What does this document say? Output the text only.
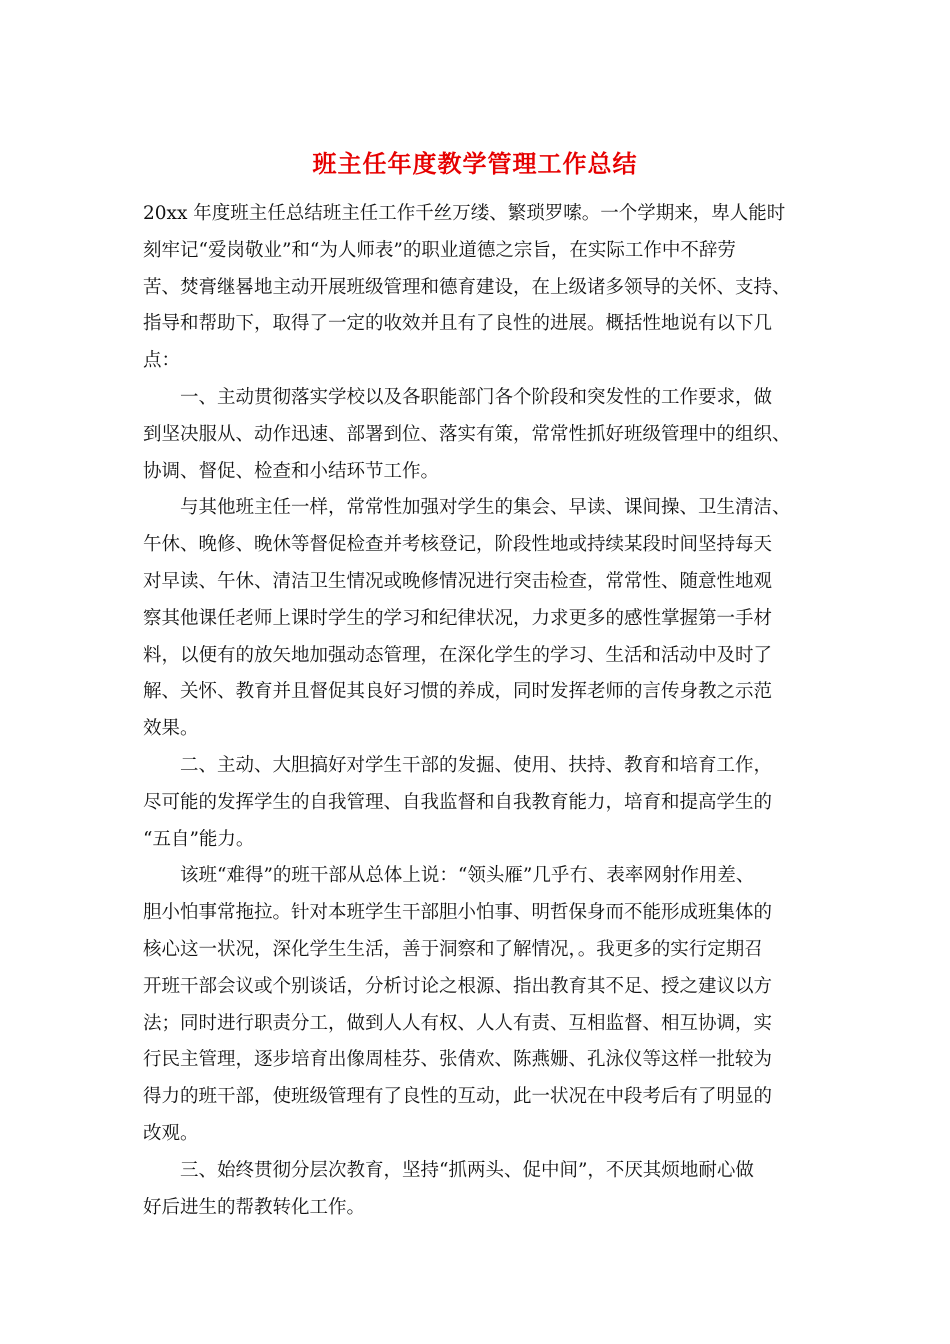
班主任年度教学管理工作总结
20xx 年度班主任总结班主任工作千丝万缕、繁琐罗嗦。一个学期来，卑人能时
刻牢记“爱岗敬业”和“为人师表”的职业道德之宗旨，在实际工作中不辞劳
苦、焚膏继晷地主动开展班级管理和德育建设，在上级诸多领导的关怀、支持、
指导和帮助下，取得了一定的收效并且有了良性的进展。概括性地说有以下几
点：
一、主动贯彻落实学校以及各职能部门各个阶段和突发性的工作要求，做
到坚决服从、动作迅速、部署到位、落实有策，常常性抓好班级管理中的组织、
协调、督促、检查和小结环节工作。
与其他班主任一样，常常性加强对学生的集会、早读、课间操、卫生清洁、
午休、晚修、晚休等督促检查并考核登记，阶段性地或持续某段时间坚持每天
对早读、午休、清洁卫生情况或晚修情况进行突击检查，常常性、随意性地观
察其他课任老师上课时学生的学习和纪律状况，力求更多的感性掌握第一手材
料，以便有的放矢地加强动态管理，在深化学生的学习、生活和活动中及时了
解、关怀、教育并且督促其良好习惯的养成，同时发挥老师的言传身教之示范
效果。
二、主动、大胆搞好对学生干部的发掘、使用、扶持、教育和培育工作，
尽可能的发挥学生的自我管理、自我监督和自我教育能力，培育和提高学生的
“五自”能力。
该班“难得”的班干部从总体上说：“领头雁”几乎冇、表率网射作用差、
胆小怕事常拖拉。针对本班学生干部胆小怕事、明哲保身而不能形成班集体的
核心这一状况，深化学生生活，善于洞察和了解情况，。我更多的实行定期召
开班干部会议或个别谈话，分析讨论之根源、指出教育其不足、授之建议以方
法；同时进行职责分工，做到人人有权、人人有责、互相监督、相互协调，实
行民主管理，逐步培育出像周桂芬、张倩欢、陈燕姗、孔泳仪等这样一批较为
得力的班干部，使班级管理有了良性的互动，此一状况在中段考后有了明显的
改观。
三、始终贯彻分层次教育，坚持“抓两头、促中间”，不厌其烦地耐心做
好后进生的帮教转化工作。
